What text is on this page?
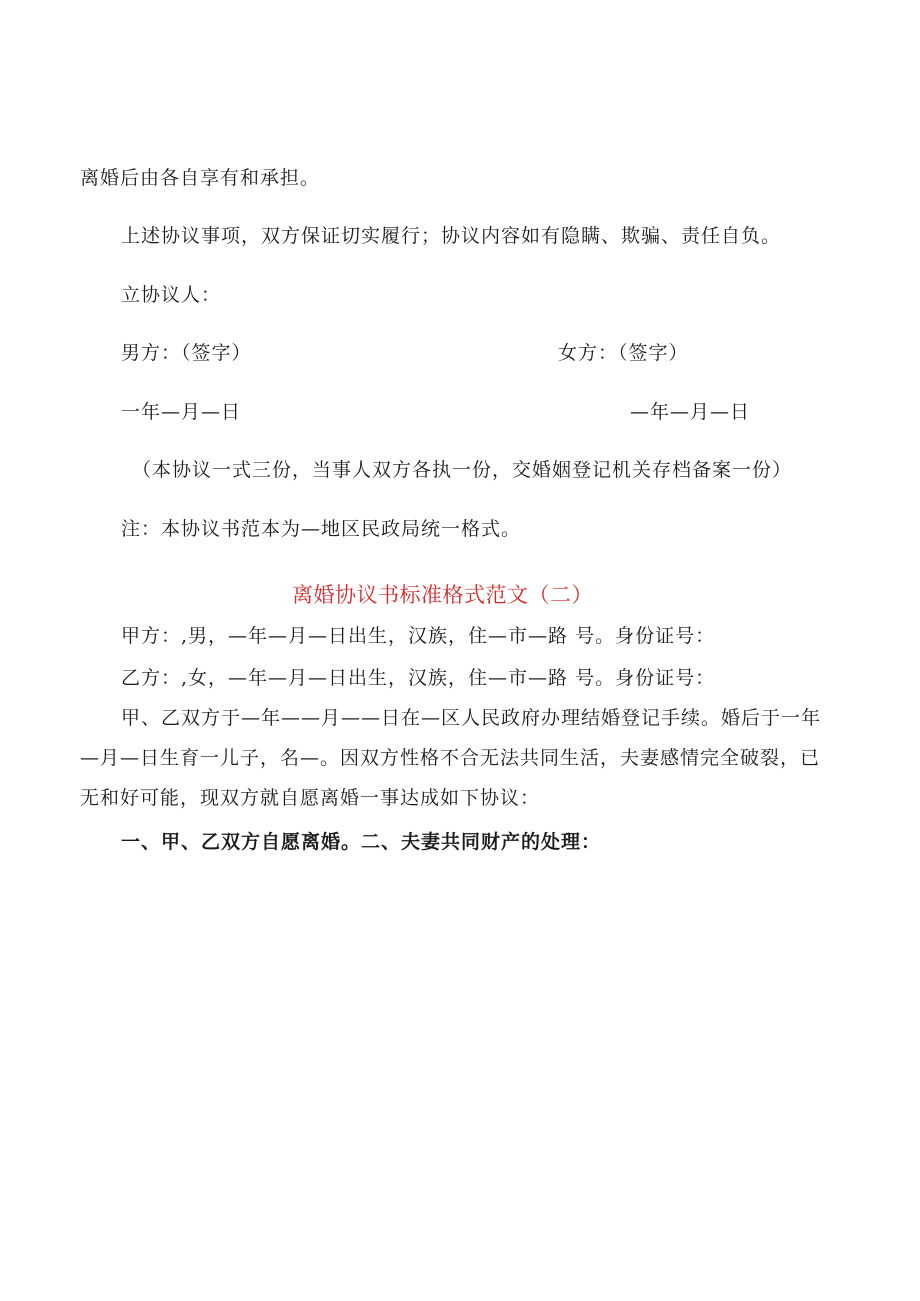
离婚后由各自享有和承担。
上述协议事项，双方保证切实履行；协议内容如有隐瞒、欺骗、责任自负。
立协议人：
男方：（签字）	女方：（签字）
一年—月—日	—年—月—日
（本协议一式三份，当事人双方各执一份，交婚姻登记机关存档备案一份）
注：本协议书范本为—地区民政局统一格式。
离婚协议书标准格式范文（二）
甲方：,男，—年—月—日出生，汉族，住—市—路 号。身份证号：
乙方：,女，—年—月—日出生，汉族，住—市—路 号。身份证号：
甲、乙双方于—年——月——日在—区人民政府办理结婚登记手续。婚后于一年
—月—日生育一儿子，名—。因双方性格不合无法共同生活，夫妻感情完全破裂，已
无和好可能，现双方就自愿离婚一事达成如下协议：
一、甲、乙双方自愿离婚。二、夫妻共同财产的处理：
